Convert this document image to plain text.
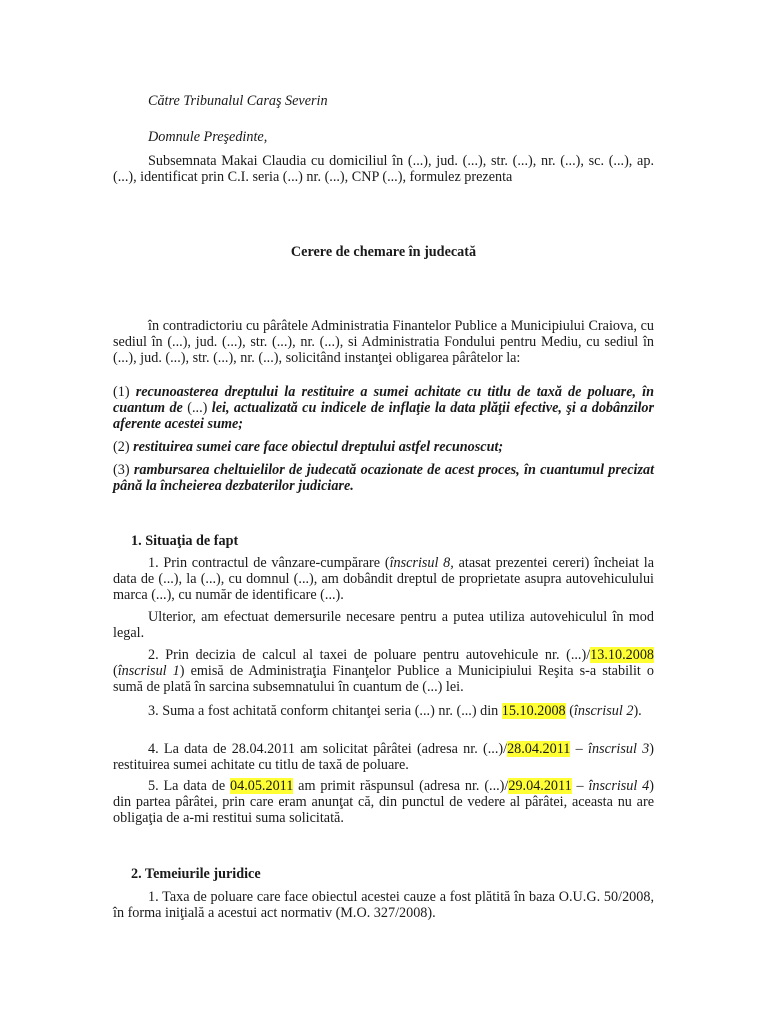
Către Tribunalul Caraş Severin

Domnule Preşedinte,

Subsemnata Makai Claudia cu domiciliul în (...), jud. (...), str. (...), nr. (...), sc. (...), ap. (...), identificat prin C.I. seria (...) nr. (...), CNP (...), formulez prezenta

Cerere de chemare în judecată

în contradictoriu cu pârâtele Administratia Finantelor Publice a Municipiului Craiova, cu sediul în (...), jud. (...), str. (...), nr. (...), si Administratia Fondului pentru Mediu, cu sediul în (...), jud. (...), str. (...), nr. (...), solicitând instanţei obligarea pârâtelor la:

(1) recunoasterea dreptului la restituire a sumei achitate cu titlu de taxă de poluare, în cuantum de (...) lei, actualizată cu indicele de inflaţie la data plăţii efective, şi a dobânzilor aferente acestei sume;

(2) restituirea sumei care face obiectul dreptului astfel recunoscut;

(3) rambursarea cheltuielilor de judecată ocazionate de acest proces, în cuantumul precizat până la încheierea dezbaterilor judiciare.

1. Situaţia de fapt

1. Prin contractul de vânzare-cumpărare (înscrisul 8, atasat prezentei cereri) încheiat la data de (...), la (...), cu domnul (...), am dobândit dreptul de proprietate asupra autovehiculului marca (...), cu număr de identificare (...).

Ulterior, am efectuat demersurile necesare pentru a putea utiliza autovehiculul în mod legal.

2. Prin decizia de calcul al taxei de poluare pentru autovehicule nr. (...)/13.10.2008 (înscrisul 1) emisă de Administraţia Finanţelor Publice a Municipiului Reşita s-a stabilit o sumă de plată în sarcina subsemnatului în cuantum de (...) lei.

3. Suma a fost achitată conform chitanţei seria (...) nr. (...) din 15.10.2008 (înscrisul 2).

4. La data de 28.04.2011 am solicitat pârâtei (adresa nr. (...)/28.04.2011 – înscrisul 3) restituirea sumei achitate cu titlu de taxă de poluare.

5. La data de 04.05.2011 am primit răspunsul (adresa nr. (...)/29.04.2011 – înscrisul 4) din partea pârâtei, prin care eram anunţat că, din punctul de vedere al pârâtei, aceasta nu are obligaţia de a-mi restitui suma solicitată.

2. Temeiurile juridice

1. Taxa de poluare care face obiectul acestei cauze a fost plătită în baza O.U.G. 50/2008, în forma iniţială a acestui act normativ (M.O. 327/2008).
